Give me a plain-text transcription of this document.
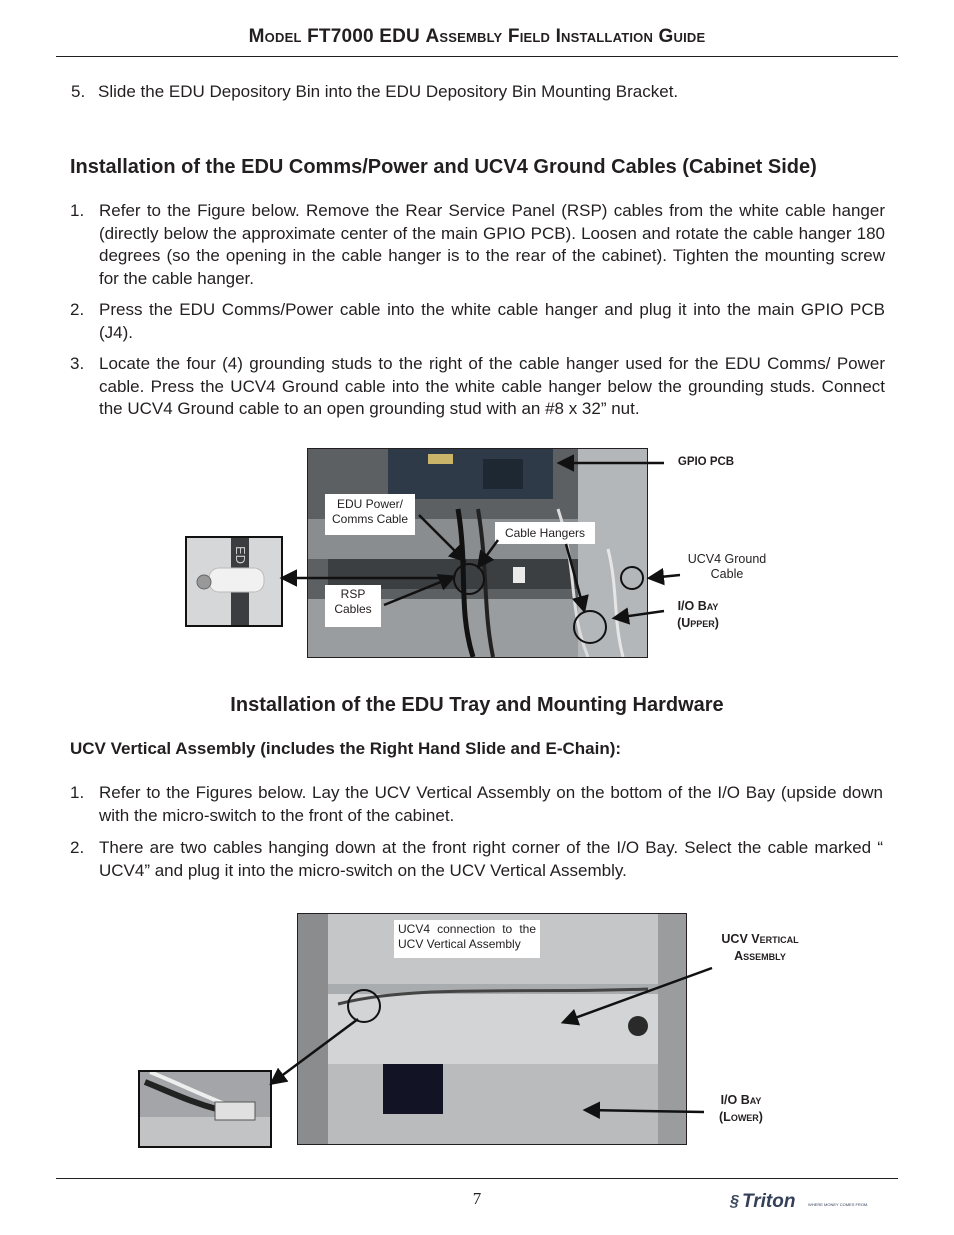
Model FT7000 EDU Assembly Field Installation Guide
5. Slide the EDU Depository Bin into the EDU Depository Bin Mounting Bracket.
Installation of the EDU Comms/Power and UCV4 Ground Cables (Cabinet Side)
1. Refer to the Figure below. Remove the Rear Service Panel (RSP) cables from the white cable hanger (directly below the approximate center of the main GPIO PCB). Loosen and rotate the cable hanger 180 degrees (so the opening in the cable hanger is to the rear of the cabinet). Tighten the mounting screw for the cable hanger.
2. Press the EDU Comms/Power cable into the white cable hanger and plug it into the main GPIO PCB (J4).
3. Locate the four (4) grounding studs to the right of the cable hanger used for the EDU Comms/ Power cable. Press the UCV4 Ground cable into the white cable hanger below the grounding studs. Connect the UCV4 Ground cable to an open grounding stud with an #8 x 32” nut.
EDU Power/ Comms Cable
Cable Hangers
RSP Cables
ED
GPIO PCB
UCV4 Ground Cable
I/O Bay
(Upper)
Installation of the EDU Tray and Mounting Hardware
UCV Vertical Assembly (includes the Right Hand Slide and E-Chain):
1. Refer to the Figures below. Lay the UCV Vertical Assembly on the bottom of the I/O Bay (upside down with the micro-switch to the front of the cabinet.
2. There are two cables hanging down at the front right corner of the I/O Bay. Select the cable marked “ UCV4” and plug it into the micro-switch on the UCV Vertical Assembly.
UCV4 connection to the UCV Vertical Assembly	UCV Vertical
Assembly
I/O Bay
(Lower)
7	§ Triton	WHERE MONEY COMES FROM.
